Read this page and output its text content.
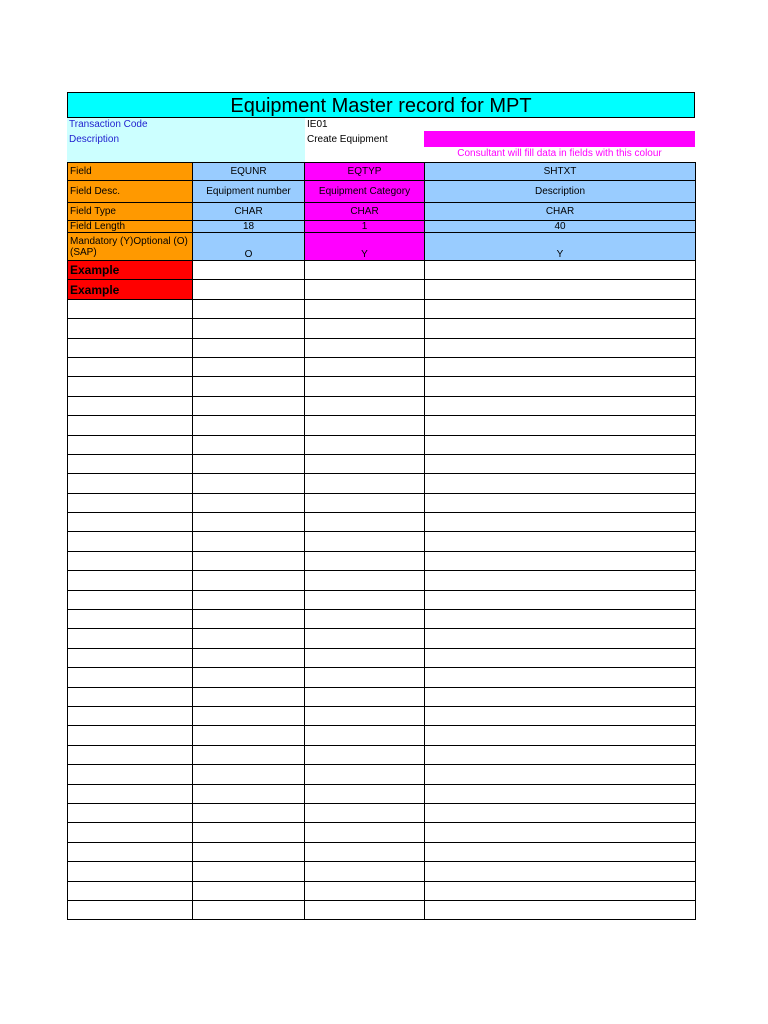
Equipment Master record for MPT
Transaction Code	IE01
Description	Create Equipment
Consultant will fill data in fields with this colour
Field	EQUNR	EQTYP	SHTXT
Field Desc.	Equipment number	Equipment Category	Description
Field Type	CHAR	CHAR	CHAR
Field Length	18	1	40
Mandatory (Y)Optional (O)(SAP)	O	Y	Y
Example			
Example			
